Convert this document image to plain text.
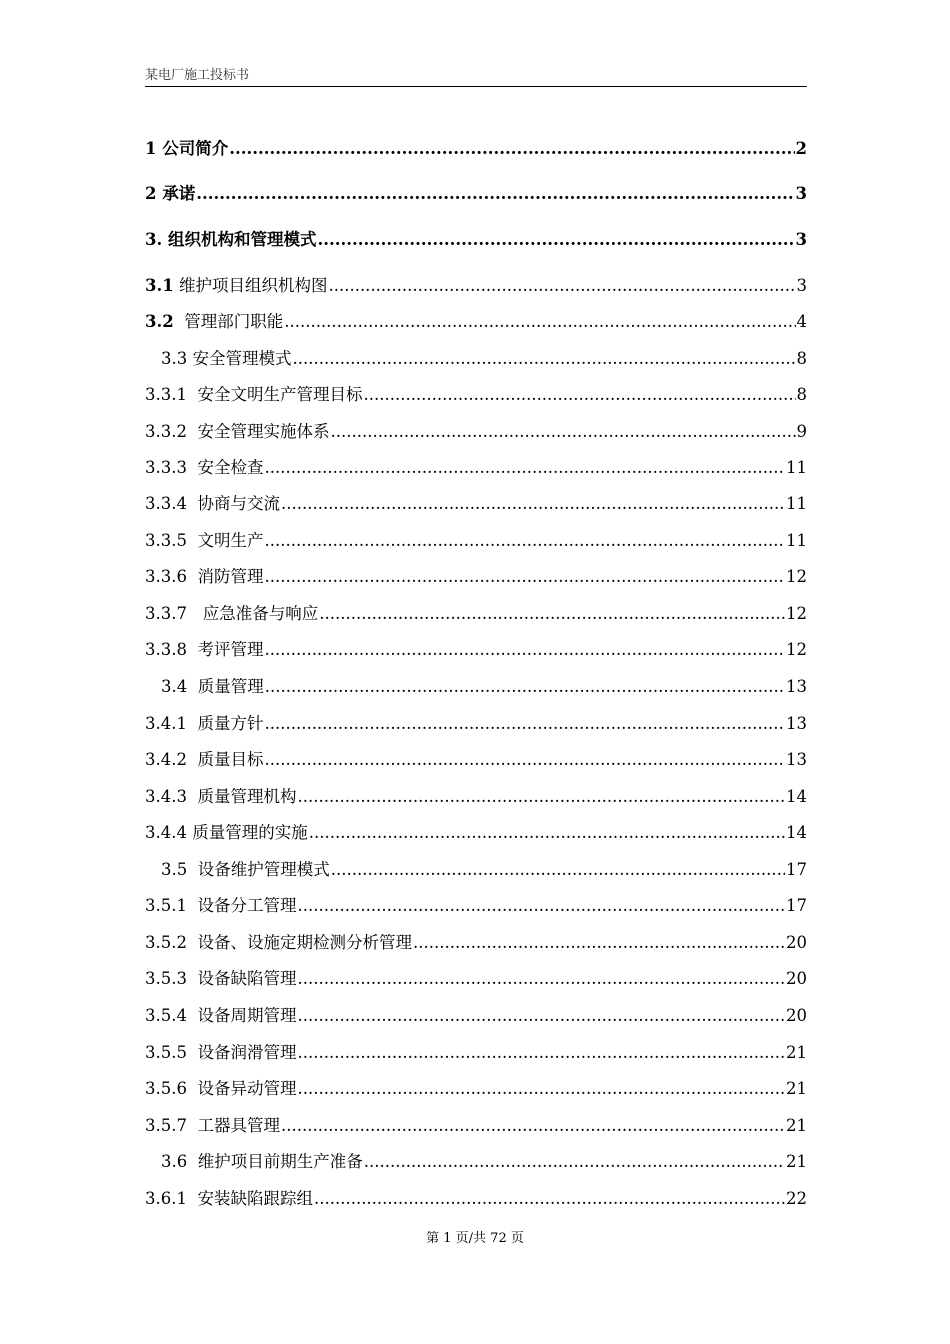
某电厂施工投标书
1 公司简介 .....	2
2 承诺 .....	3
3. 组织机构和管理模式 .....	3
3.1 维护项目组织机构图 .....	3
3.2 管理部门职能 .....	4
3.3 安全管理模式 .....	8
3.3.1 安全文明生产管理目标 .....	8
3.3.2 安全管理实施体系 .....	9
3.3.3 安全检查 .....	11
3.3.4 协商与交流 .....	11
3.3.5 文明生产 .....	11
3.3.6 消防管理 .....	12
3.3.7 应急准备与响应 .....	12
3.3.8 考评管理 .....	12
3.4 质量管理 .....	13
3.4.1 质量方针 .....	13
3.4.2 质量目标 .....	13
3.4.3 质量管理机构 .....	14
3.4.4 质量管理的实施 .....	14
3.5 设备维护管理模式 .....	17
3.5.1 设备分工管理 .....	17
3.5.2 设备、设施定期检测分析管理 .....	20
3.5.3 设备缺陷管理 .....	20
3.5.4 设备周期管理 .....	20
3.5.5 设备润滑管理 .....	21
3.5.6 设备异动管理 .....	21
3.5.7 工器具管理 .....	21
3.6 维护项目前期生产准备 .....	21
3.6.1 安装缺陷跟踪组 .....	22
第 1 页/共 72 页
